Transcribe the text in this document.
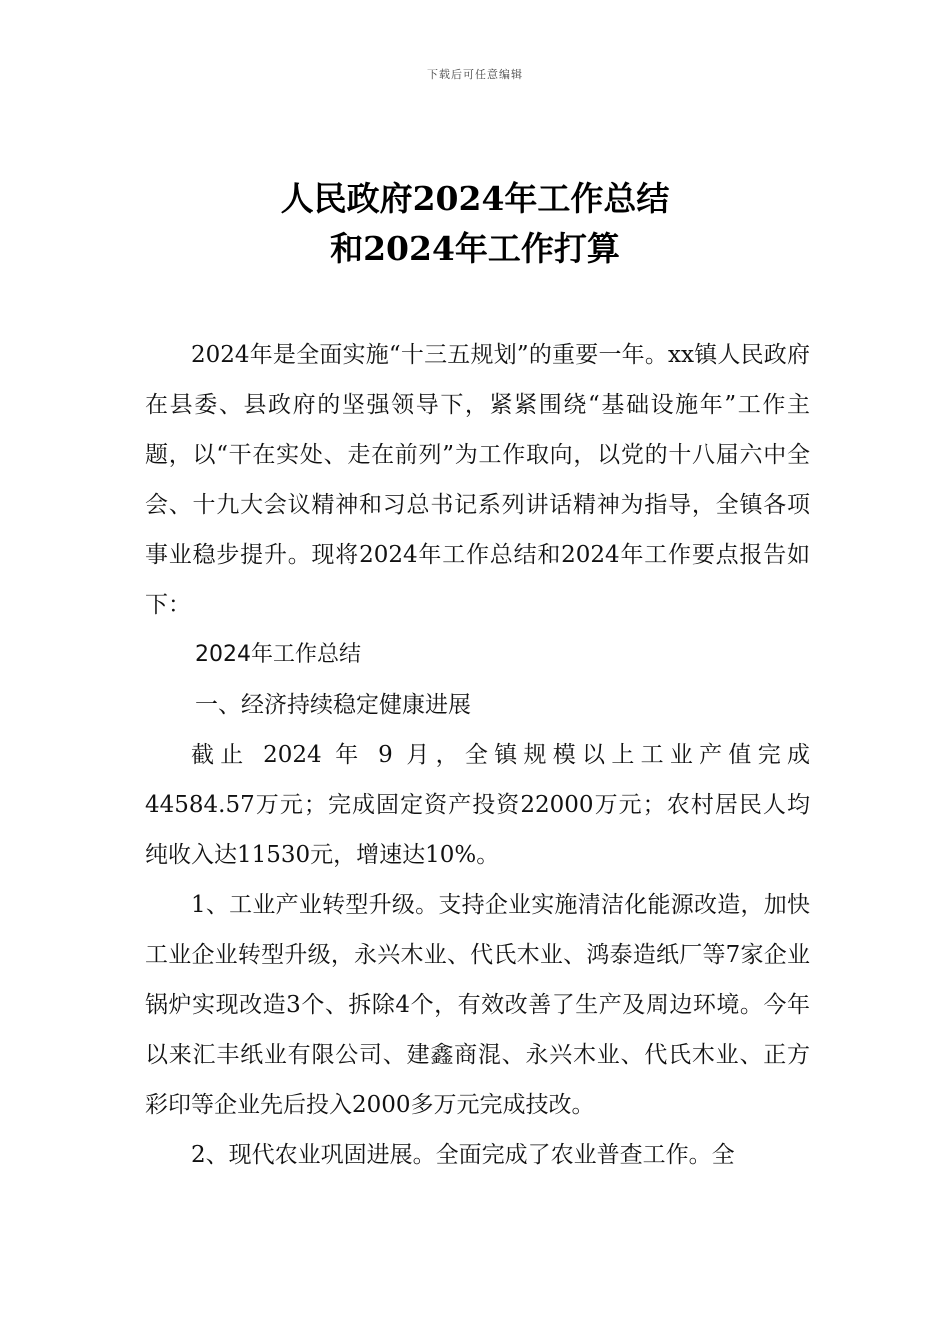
下载后可任意编辑
人民政府2024年工作总结
和2024年工作打算

2024年是全面实施“十三五规划”的重要一年。xx镇人民政府在县委、县政府的坚强领导下，紧紧围绕“基础设施年”工作主题，以“干在实处、走在前列”为工作取向，以党的十八届六中全会、十九大会议精神和习总书记系列讲话精神为指导，全镇各项事业稳步提升。现将2024年工作总结和2024年工作要点报告如下：

2024年工作总结

一、经济持续稳定健康进展

截止 2024 年 9 月，全镇规模以上工业产值完成

44584.57万元；完成固定资产投资22000万元；农村居民人均纯收入达11530元，增速达10%。

1、工业产业转型升级。支持企业实施清洁化能源改造，加快工业企业转型升级，永兴木业、代氏木业、鸿泰造纸厂等7家企业锅炉实现改造3个、拆除4个，有效改善了生产及周边环境。今年以来汇丰纸业有限公司、建鑫商混、永兴木业、代氏木业、正方彩印等企业先后投入2000多万元完成技改。

2、现代农业巩固进展。全面完成了农业普查工作。全
